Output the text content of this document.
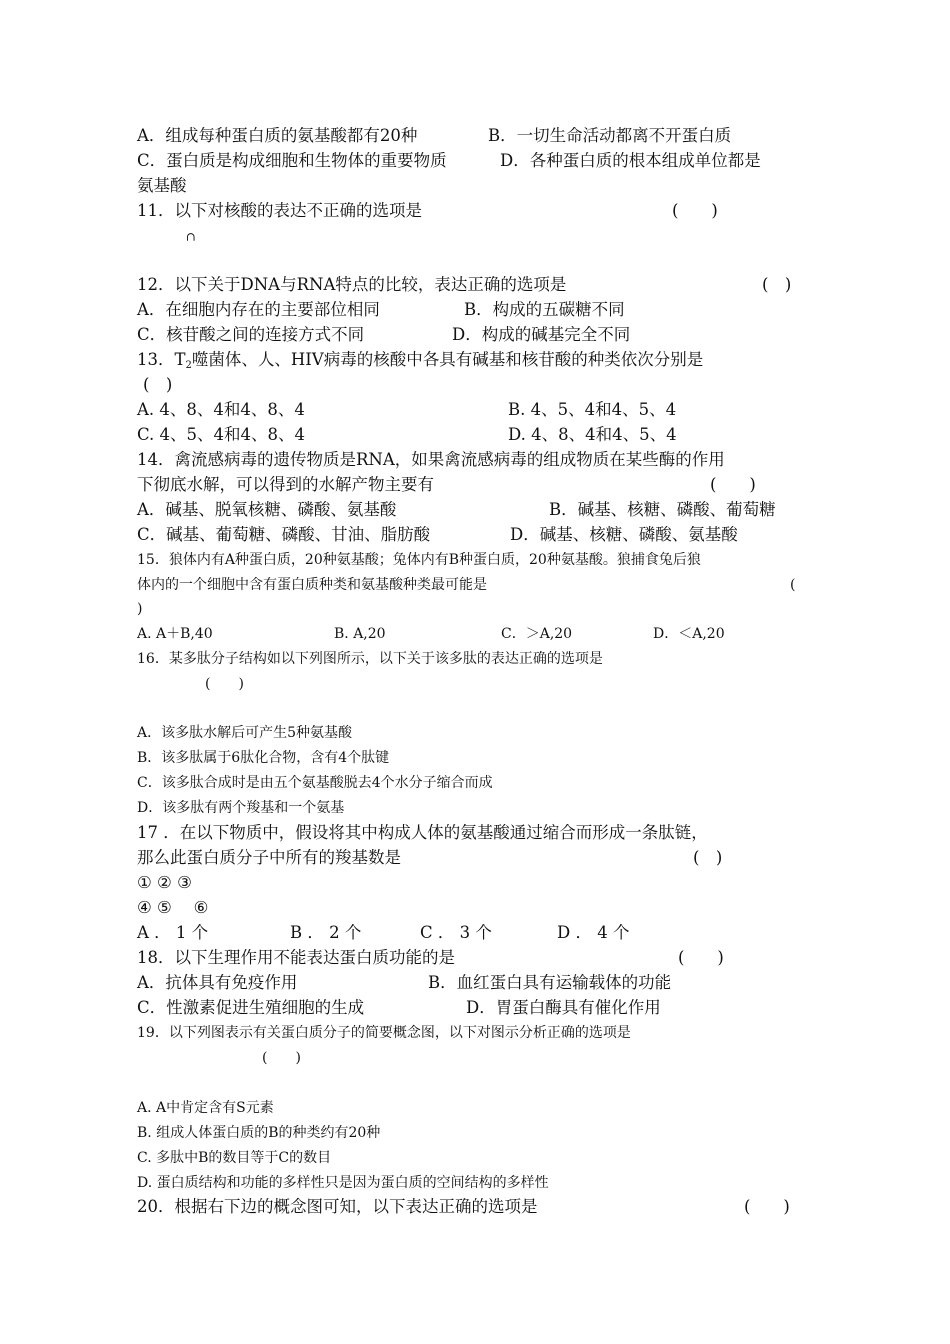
A．组成每种蛋白质的氨基酸都有20种	B．一切生命活动都离不开蛋白质
C．蛋白质是构成细胞和生物体的重要物质	D．各种蛋白质的根本组成单位都是
氨基酸
11．以下对核酸的表达不正确的选项是	(　　)
⊂
12．以下关于DNA与RNA特点的比较，表达正确的选项是	(　)
A．在细胞内存在的主要部位相同	B．构成的五碳糖不同
C．核苷酸之间的连接方式不同	D．构成的碱基完全不同
13．$T_2$噬菌体、人、HIV病毒的核酸中各具有碱基和核苷酸的种类依次分别是
(　)
A. 4、8、4和4、8、4	B. 4、5、4和4、5、4
C. 4、5、4和4、8、4	D. 4、8、4和4、5、4
14．禽流感病毒的遗传物质是RNA，如果禽流感病毒的组成物质在某些酶的作用
下彻底水解，可以得到的水解产物主要有	(　　)
A．碱基、脱氧核糖、磷酸、氨基酸	B．碱基、核糖、磷酸、葡萄糖
C．碱基、葡萄糖、磷酸、甘油、脂肪酸	D．碱基、核糖、磷酸、氨基酸
15．狼体内有A种蛋白质，20种氨基酸；兔体内有B种蛋白质，20种氨基酸。狼捕食兔后狼
体内的一个细胞中含有蛋白质种类和氨基酸种类最可能是	(
)
A. A＋B,40	B. A,20	C．＞A,20	D．＜A,20
16．某多肽分子结构如以下列图所示，以下关于该多肽的表达正确的选项是
(　　)
A．该多肽水解后可产生5种氨基酸
B．该多肽属于6肽化合物，含有4个肽键
C．该多肽合成时是由五个氨基酸脱去4个水分子缩合而成
D．该多肽有两个羧基和一个氨基
17 ．在以下物质中，假设将其中构成人体的氨基酸通过缩合而形成一条肽链，
那么此蛋白质分子中所有的羧基数是	(　)
① ② ③
④ ⑤　 ⑥
A ． 1 个	B ． 2 个	C ． 3 个	D ． 4 个
18．以下生理作用不能表达蛋白质功能的是	(　　)
A．抗体具有免疫作用	B．血红蛋白具有运输载体的功能
C．性激素促进生殖细胞的生成	D．胃蛋白酶具有催化作用
19．以下列图表示有关蛋白质分子的简要概念图，以下对图示分析正确的选项是
(　　)
A. A中肯定含有S元素
B. 组成人体蛋白质的B的种类约有20种
C. 多肽中B的数目等于C的数目
D. 蛋白质结构和功能的多样性只是因为蛋白质的空间结构的多样性
20．根据右下边的概念图可知，以下表达正确的选项是	(　　)
